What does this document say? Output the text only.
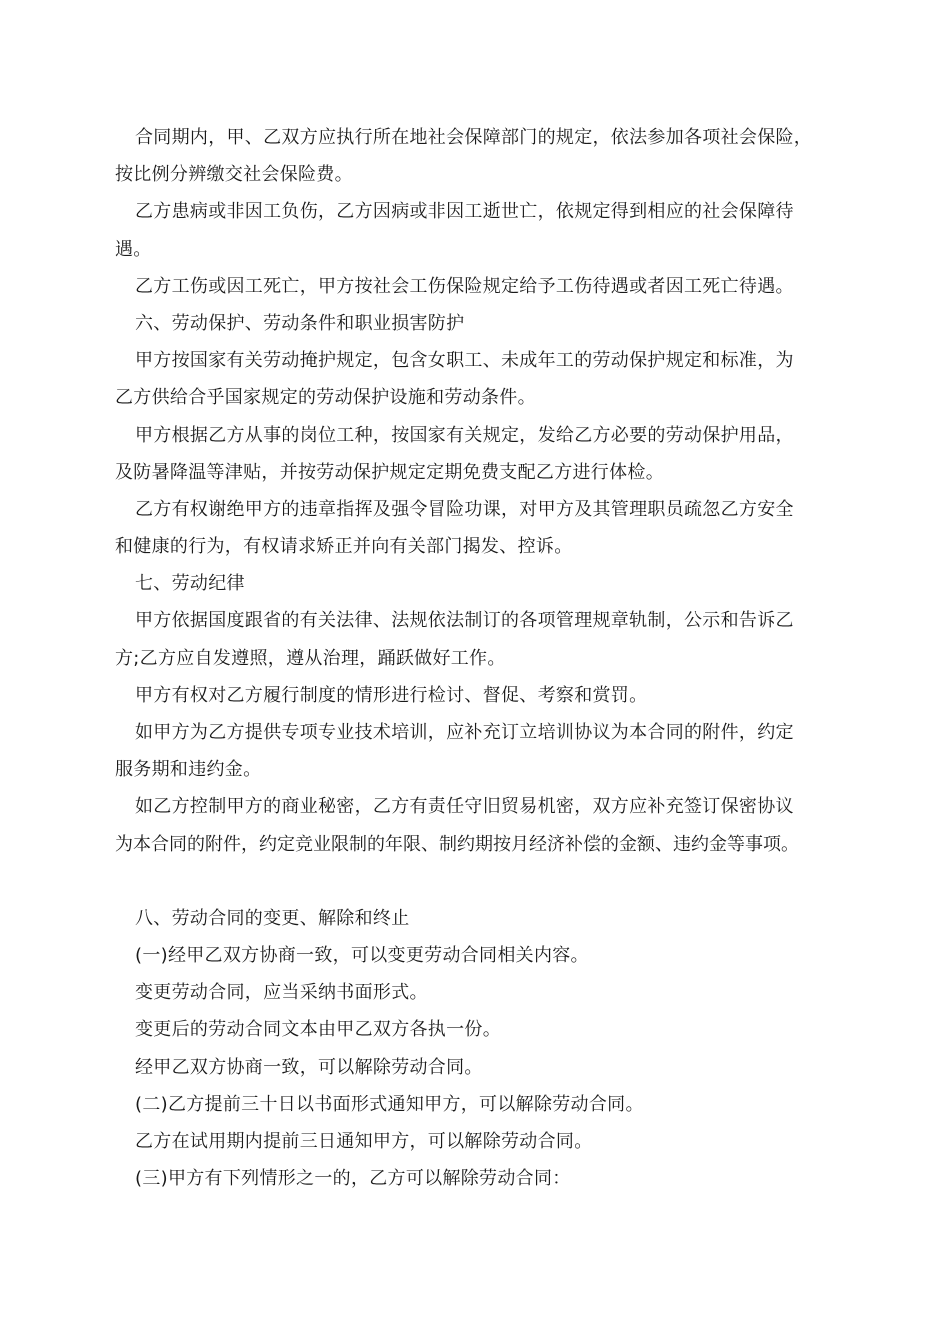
合同期内，甲、乙双方应执行所在地社会保障部门的规定，依法参加各项社会保险，
按比例分辨缴交社会保险费。
乙方患病或非因工负伤，乙方因病或非因工逝世亡，依规定得到相应的社会保障待
遇。
乙方工伤或因工死亡，甲方按社会工伤保险规定给予工伤待遇或者因工死亡待遇。
六、劳动保护、劳动条件和职业损害防护
甲方按国家有关劳动掩护规定，包含女职工、未成年工的劳动保护规定和标准，为
乙方供给合乎国家规定的劳动保护设施和劳动条件。
甲方根据乙方从事的岗位工种，按国家有关规定，发给乙方必要的劳动保护用品，
及防暑降温等津贴，并按劳动保护规定定期免费支配乙方进行体检。
乙方有权谢绝甲方的违章指挥及强令冒险功课，对甲方及其管理职员疏忽乙方安全
和健康的行为，有权请求矫正并向有关部门揭发、控诉。
七、劳动纪律
甲方依据国度跟省的有关法律、法规依法制订的各项管理规章轨制，公示和告诉乙
方;乙方应自发遵照，遵从治理，踊跃做好工作。
甲方有权对乙方履行制度的情形进行检讨、督促、考察和赏罚。
如甲方为乙方提供专项专业技术培训，应补充订立培训协议为本合同的附件，约定
服务期和违约金。
如乙方控制甲方的商业秘密，乙方有责任守旧贸易机密，双方应补充签订保密协议
为本合同的附件，约定竞业限制的年限、制约期按月经济补偿的金额、违约金等事项。
八、劳动合同的变更、解除和终止
(一)经甲乙双方协商一致，可以变更劳动合同相关内容。
变更劳动合同，应当采纳书面形式。
变更后的劳动合同文本由甲乙双方各执一份。
经甲乙双方协商一致，可以解除劳动合同。
(二)乙方提前三十日以书面形式通知甲方，可以解除劳动合同。
乙方在试用期内提前三日通知甲方，可以解除劳动合同。
(三)甲方有下列情形之一的，乙方可以解除劳动合同：
